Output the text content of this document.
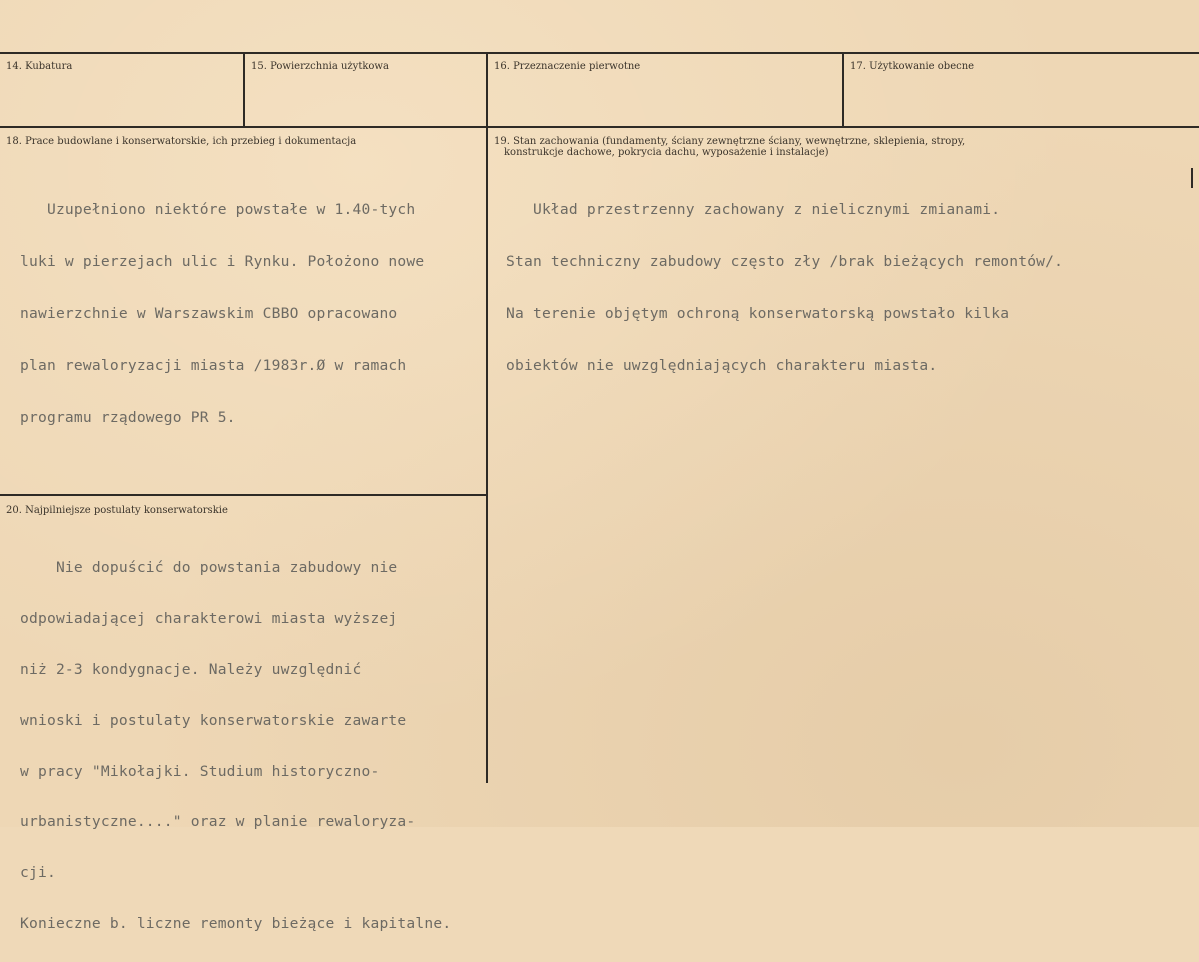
14. Kubatura	15. Powierzchnia użytkowa	16. Przeznaczenie pierwotne	17. Użytkowanie obecne
18. Prace budowlane i konserwatorskie, ich przebieg i dokumentacja	19. Stan zachowania (fundamenty, ściany zewnętrzne ściany, wewnętrzne, sklepienia, stropy,
konstrukcje dachowe, pokrycia dachu, wyposażenie i instalacje)
20. Najpilniejsze postulaty konserwatorskie

Uzupełniono niektóre powstałe w 1.40-tych

luki w pierzejach ulic i Rynku. Położono nowe

nawierzchnie w Warszawskim CBBO opracowano

plan rewaloryzacji miasta /1983r.Ø w ramach

programu rządowego PR 5.

Układ przestrzenny zachowany z nielicznymi zmianami.

Stan techniczny zabudowy często zły /brak bieżących remontów/.

Na terenie objętym ochroną konserwatorską powstało kilka

obiektów nie uwzględniających charakteru miasta.

Nie dopuścić do powstania zabudowy nie

odpowiadającej charakterowi miasta wyższej

niż 2-3 kondygnacje. Należy uwzględnić

wnioski i postulaty konserwatorskie zawarte

w pracy "Mikołajki. Studium historyczno-

urbanistyczne...." oraz w planie rewaloryza-

cji.

Konieczne b. liczne remonty bieżące i kapitalne.
